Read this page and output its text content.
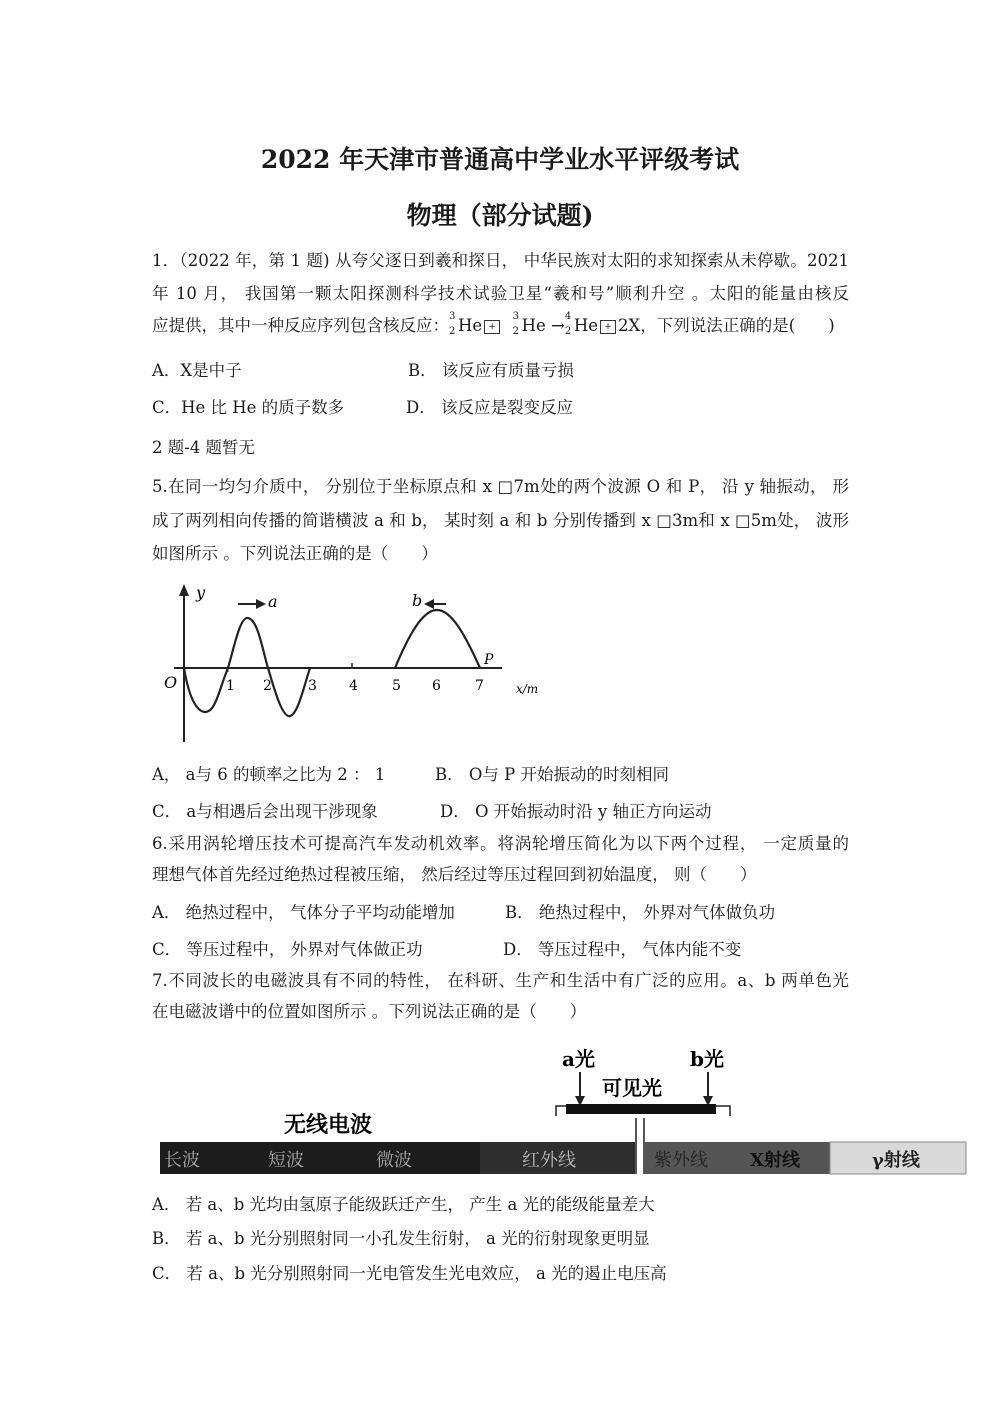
2022 年天津市普通高中学业水平评级考试
物理（部分试题)
1．（2022 年，第 1 题) 从夸父逐日到羲和探日， 中华民族对太阳的求知探索从未停歇。2021
年 10 月， 我国第一颗太阳探测科学技术试验卫星“羲和号”顺利升空 。太阳的能量由核反
应提供，其中一种反应序列包含核反应： 3
2 He +
3
2 He → 4
2 He + 2X，下列说法正确的是(　　)
A．X是中子	B． 该反应有质量亏损
C．He 比 He 的质子数多	D． 该反应是裂变反应
2 题-4 题暂无
5.在同一均匀介质中， 分别位于坐标原点和 x □7m处的两个波源 O 和 P， 沿 y 轴振动， 形
成了两列相向传播的简谐横波 a 和 b， 某时刻 a 和 b 分别传播到 x □3m和 x □5m处， 波形
如图所示 。下列说法正确的是（　　）
y
x/m
O	1 2	3 4 5 6 7
a	b
P
A， a与 6 的顿率之比为 2 ： 1	B． O与 P 开始振动的时刻相同
C． a与相遇后会出现干涉现象	D． O 开始振动时沿 y 轴正方向运动
6.采用涡轮增压技术可提高汽车发动机效率。将涡轮增压简化为以下两个过程， 一定质量的
理想气体首先经过绝热过程被压缩， 然后经过等压过程回到初始温度， 则（　　）
A． 绝热过程中， 气体分子平均动能增加	B． 绝热过程中， 外界对气体做负功
C． 等压过程中， 外界对气体做正功	D． 等压过程中， 气体内能不变
7.不同波长的电磁波具有不同的特性， 在科研、生产和生活中有广泛的应用。a、b 两单色光
在电磁波谱中的位置如图所示 。下列说法正确的是（　　）
a光	b光
可见光
无线电波
长波	短波	微波	红外线	紫外线 X射线	γ射线
A． 若 a、b 光均由氢原子能级跃迁产生， 产生 a 光的能级能量差大
B． 若 a、b 光分别照射同一小孔发生衍射， a 光的衍射现象更明显
C． 若 a、b 光分别照射同一光电管发生光电效应， a 光的遏止电压高
